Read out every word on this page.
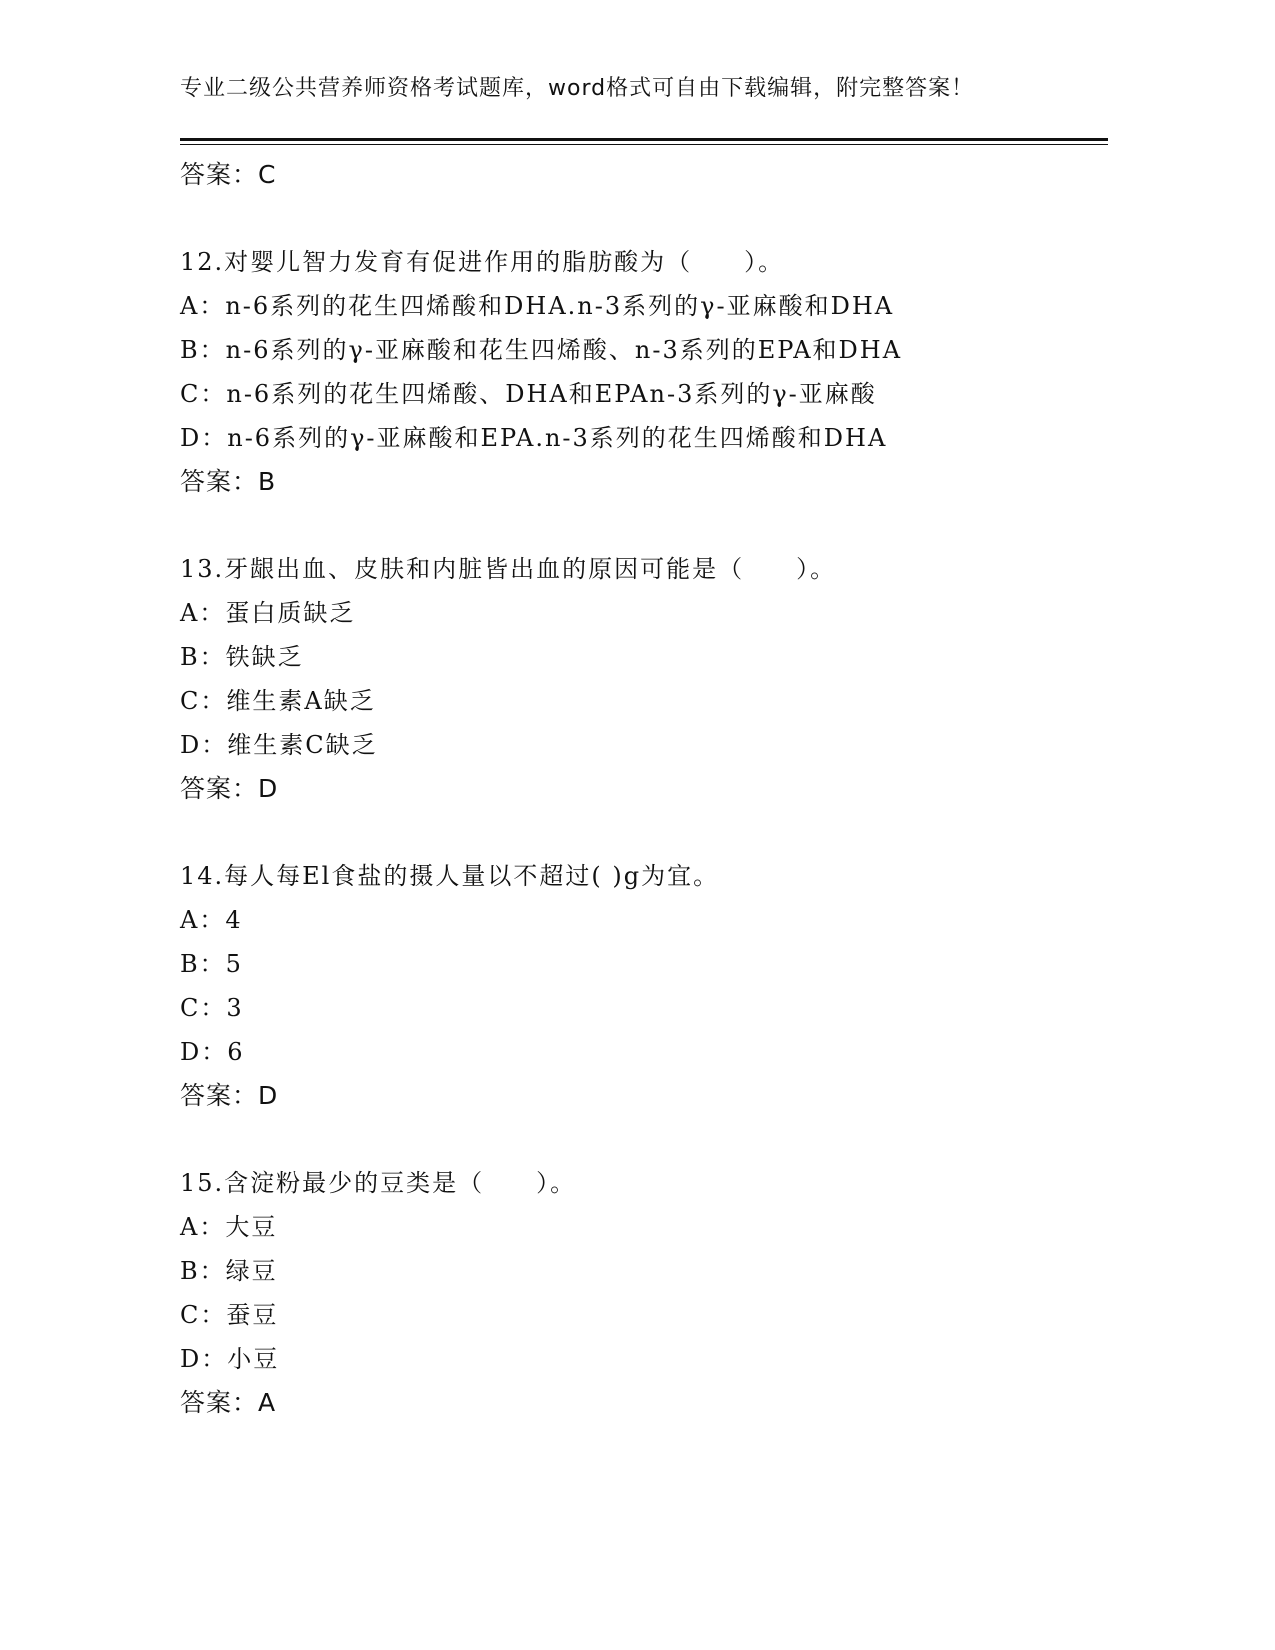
专业二级公共营养师资格考试题库，word格式可自由下载编辑，附完整答案！
答案：C
12.对婴儿智力发育有促进作用的脂肪酸为（　　）。
A：n-6系列的花生四烯酸和DHA.n-3系列的γ-亚麻酸和DHA
B：n-6系列的γ-亚麻酸和花生四烯酸、n-3系列的EPA和DHA
C：n-6系列的花生四烯酸、DHA和EPAn-3系列的γ-亚麻酸
D：n-6系列的γ-亚麻酸和EPA.n-3系列的花生四烯酸和DHA
答案：B
13.牙龈出血、皮肤和内脏皆出血的原因可能是（　　）。
A：蛋白质缺乏
B：铁缺乏
C：维生素A缺乏
D：维生素C缺乏
答案：D
14.每人每El食盐的摄人量以不超过( )g为宜。
A：4
B：5
C：3
D：6
答案：D
15.含淀粉最少的豆类是（　　）。
A：大豆
B：绿豆
C：蚕豆
D：小豆
答案：A
